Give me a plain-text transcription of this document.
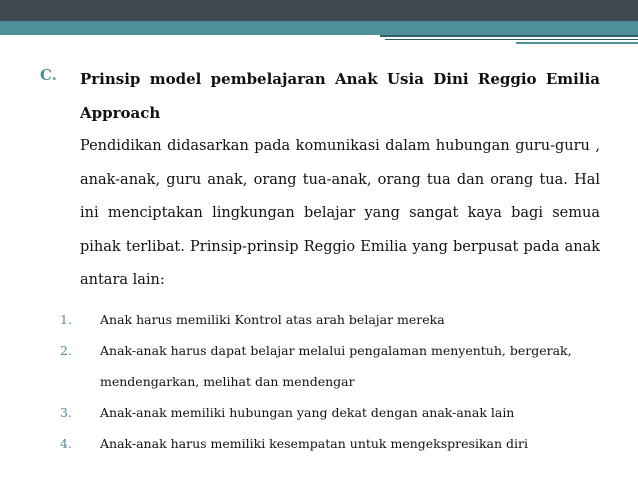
C.	Prinsip model pembelajaran Anak Usia Dini Reggio Emilia Approach
Pendidikan didasarkan pada komunikasi dalam hubungan guru-guru , anak-anak, guru anak, orang tua-anak, orang tua dan orang tua. Hal ini menciptakan lingkungan belajar yang sangat kaya bagi semua pihak terlibat. Prinsip-prinsip Reggio Emilia yang berpusat pada anak antara lain:
1.	Anak harus memiliki Kontrol atas arah belajar mereka
2.	Anak-anak harus dapat belajar melalui pengalaman menyentuh, bergerak, mendengarkan, melihat dan mendengar
3.	Anak-anak memiliki hubungan yang dekat dengan anak-anak lain
4.	Anak-anak harus memiliki kesempatan untuk mengekspresikan diri
